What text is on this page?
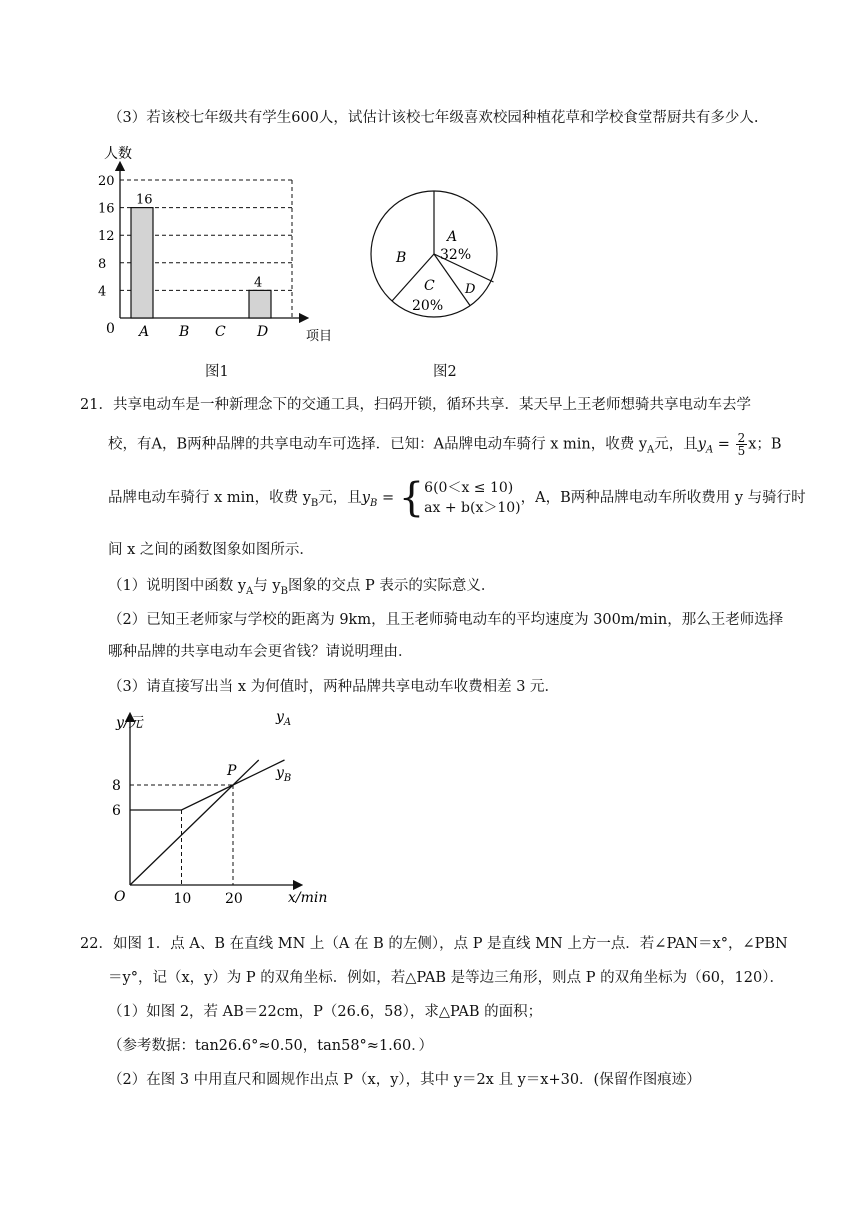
（3）若该校七年级共有学生600人，试估计该校七年级喜欢校园种植花草和学校食堂帮厨共有多少人.
人数
4
8
12
16
20
16
4
A B C D
0	项目
图1
A
32%
B
C
20%
D
图2
21．共享电动车是一种新理念下的交通工具，扫码开锁，循环共享．某天早上王老师想骑共享电动车去学
校，有A，B两种品牌的共享电动车可选择．已知：A品牌电动车骑行 x min，收费 $y_A$元，且$y_A = \frac{2}{5}$ x；B
品牌电动车骑行 x min，收费 $y_B$元，且$y_B$ = { 6(0＜x ≤ 10)
ax + b(x＞10)
，A，B两种品牌电动车所收费用 y 与骑行时
间 x 之间的函数图象如图所示．
（1）说明图中函数 $y_A$与 $y_B$图象的交点 P 表示的实际意义．
（2）已知王老师家与学校的距离为 9km，且王老师骑电动车的平均速度为 300m/min，那么王老师选择
哪种品牌的共享电动车会更省钱？请说明理由．
（3）请直接写出当 x 为何值时，两种品牌共享电动车收费相差 3 元．
10 20
8
6
y/元
x/min
O
P
$y_A$
$y_B$
22．如图 1．点 A、B 在直线 MN 上（A 在 B 的左侧），点 P 是直线 MN 上方一点．若∠PAN＝x°，∠PBN
＝y°，记（x，y）为 P 的双角坐标．例如，若△PAB 是等边三角形，则点 P 的双角坐标为（60，120）．
（1）如图 2，若 AB＝22cm，P（26.6，58），求△PAB 的面积；
（参考数据：tan26.6°≈0.50，tan58°≈1.60．）
（2）在图 3 中用直尺和圆规作出点 P（x，y），其中 y＝2x 且 y＝x+30．(保留作图痕迹）
